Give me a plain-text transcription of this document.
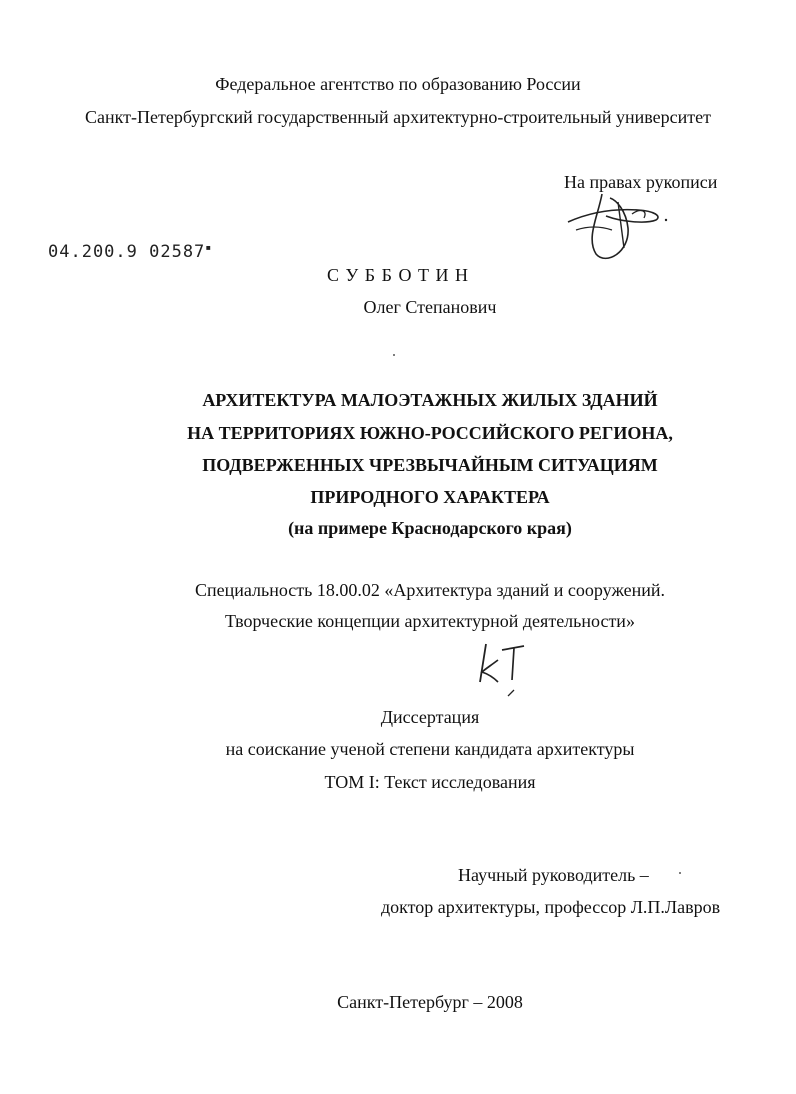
Федеральное агентство по образованию России
Санкт-Петербургский государственный архитектурно-строительный университет
На правах рукописи
04.200.9 02587▪
С У Б Б О Т И Н
Олег Степанович
АРХИТЕКТУРА МАЛОЭТАЖНЫХ ЖИЛЫХ ЗДАНИЙ
НА ТЕРРИТОРИЯХ ЮЖНО-РОССИЙСКОГО РЕГИОНА,
ПОДВЕРЖЕННЫХ ЧРЕЗВЫЧАЙНЫМ СИТУАЦИЯМ
ПРИРОДНОГО ХАРАКТЕРА
(на примере Краснодарского края)
Специальность 18.00.02 «Архитектура зданий и сооружений.
Творческие концепции архитектурной деятельности»
Диссертация
на соискание ученой степени кандидата архитектуры
ТОМ I: Текст исследования
Научный руководитель –
доктор архитектуры, профессор Л.П.Лавров
Санкт-Петербург – 2008
